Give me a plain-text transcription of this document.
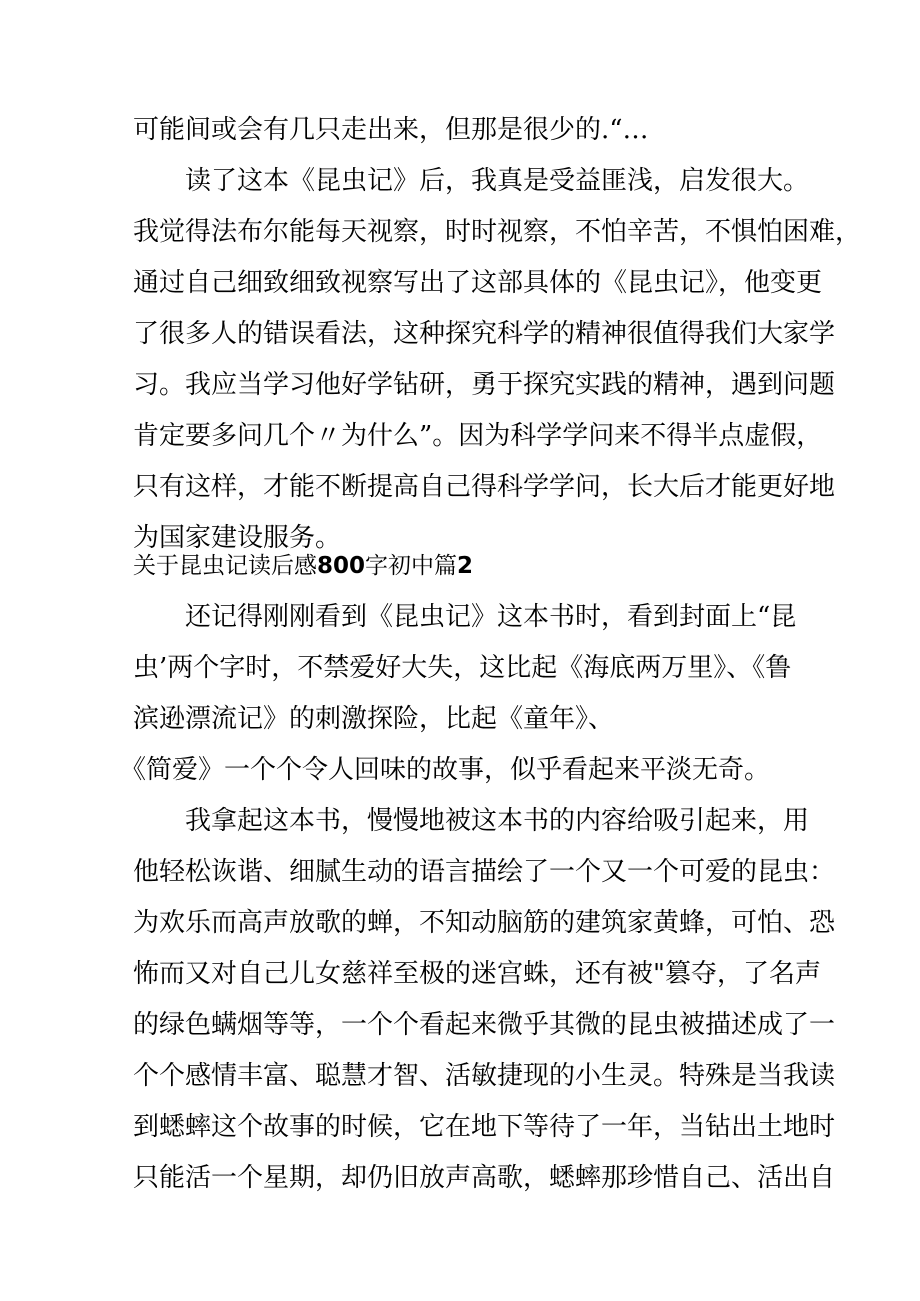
可能间或会有几只走出来，但那是很少的.“…
　　读了这本《昆虫记》后，我真是受益匪浅，启发很大。
我觉得法布尔能每天视察，时时视察，不怕辛苦，不惧怕困难，
通过自己细致细致视察写出了这部具体的《昆虫记》，他变更
了很多人的错误看法，这种探究科学的精神很值得我们大家学
习。我应当学习他好学钻研，勇于探究实践的精神，遇到问题
肯定要多问几个〃为什么”。因为科学学问来不得半点虚假，
只有这样，才能不断提高自己得科学学问，长大后才能更好地
为国家建设服务。
关于昆虫记读后感800字初中篇2
　　还记得刚刚看到《昆虫记》这本书时，看到封面上“昆
虫’两个字时，不禁爱好大失，这比起《海底两万里》、《鲁
滨逊漂流记》的刺激探险，比起《童年》、
《简爱》一个个令人回味的故事，似乎看起来平淡无奇。
　　我拿起这本书，慢慢地被这本书的内容给吸引起来，用
他轻松诙谐、细腻生动的语言描绘了一个又一个可爱的昆虫：
为欢乐而高声放歌的蝉，不知动脑筋的建筑家黄蜂，可怕、恐
怖而又对自己儿女慈祥至极的迷宫蛛，还有被"篡夺，了名声
的绿色螨烟等等，一个个看起来微乎其微的昆虫被描述成了一
个个感情丰富、聪慧才智、活敏捷现的小生灵。特殊是当我读
到蟋蟀这个故事的时候，它在地下等待了一年，当钻出土地时
只能活一个星期，却仍旧放声高歌，蟋蟀那珍惜自己、活出自
